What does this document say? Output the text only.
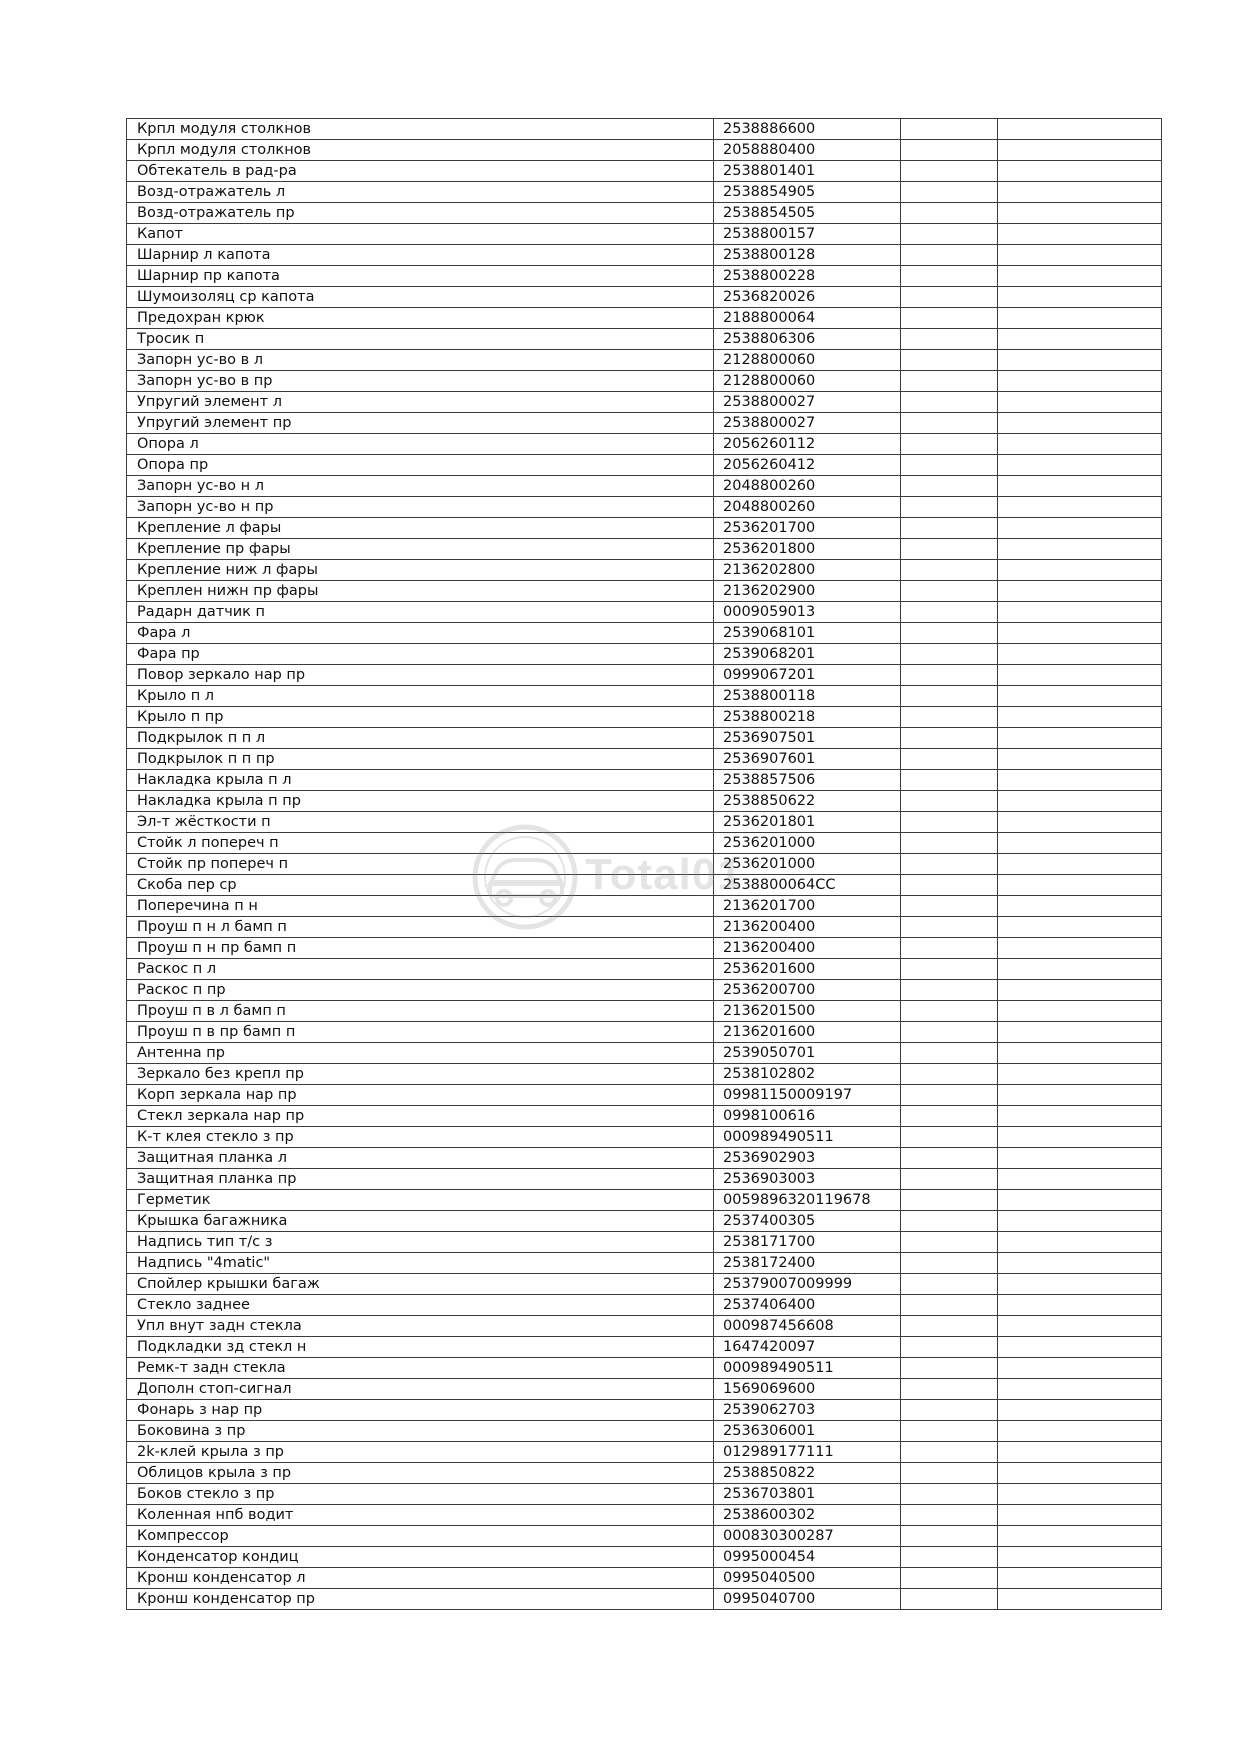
Крпл модуля столкнов	2538886600		
Крпл модуля столкнов	2058880400		
Обтекатель в рад-ра	2538801401		
Возд-отражатель л	2538854905		
Возд-отражатель пр	2538854505		
Капот	2538800157		
Шарнир л капота	2538800128		
Шарнир пр капота	2538800228		
Шумоизоляц ср капота	2536820026		
Предохран крюк	2188800064		
Тросик п	2538806306		
Запорн ус-во в л	2128800060		
Запорн ус-во в пр	2128800060		
Упругий элемент л	2538800027		
Упругий элемент пр	2538800027		
Опора л	2056260112		
Опора пр	2056260412		
Запорн ус-во н л	2048800260		
Запорн ус-во н пр	2048800260		
Крепление л фары	2536201700		
Крепление пр фары	2536201800		
Крепление ниж л фары	2136202800		
Креплен нижн пр фары	2136202900		
Радарн датчик п	0009059013		
Фара л	2539068101		
Фара пр	2539068201		
Повор зеркало нар пр	0999067201		
Крыло п л	2538800118		
Крыло п пр	2538800218		
Подкрылок п п л	2536907501		
Подкрылок п п пр	2536907601		
Накладка крыла п л	2538857506		
Накладка крыла п пр	2538850622		
Эл-т жёсткости п	2536201801		
Стойк л попереч п	2536201000		
Стойк пр попереч п	2536201000		
Скоба пер ср	2538800064CC		
Поперечина п н	2136201700		
Проуш п н л бамп п	2136200400		
Проуш п н пр бамп п	2136200400		
Раскос п л	2536201600		
Раскос п пр	2536200700		
Проуш п в л бамп п	2136201500		
Проуш п в пр бамп п	2136201600		
Антенна пр	2539050701		
Зеркало без крепл пр	2538102802		
Корп зеркала нар пр	09981150009197		
Стекл зеркала нар пр	0998100616		
К-т клея стекло з пр	000989490511		
Защитная планка л	2536902903		
Защитная планка пр	2536903003		
Герметик	0059896320119678		
Крышка багажника	2537400305		
Надпись тип т/с з	2538171700		
Надпись "4matic"	2538172400		
Спойлер крышки багаж	25379007009999		
Стекло заднее	2537406400		
Упл внут задн стекла	000987456608		
Подкладки зд стекл н	1647420097		
Ремк-т задн стекла	000989490511		
Дополн стоп-сигнал	1569069600		
Фонарь з нар пр	2539062703		
Боковина з пр	2536306001		
2k-клей крыла з пр	012989177111		
Облицов крыла з пр	2538850822		
Боков стекло з пр	2536703801		
Коленная нпб водит	2538600302		
Компрессор	000830300287		
Конденсатор кондиц	0995000454		
Кронш конденсатор л	0995040500		
Кронш конденсатор пр	0995040700		
Total01
